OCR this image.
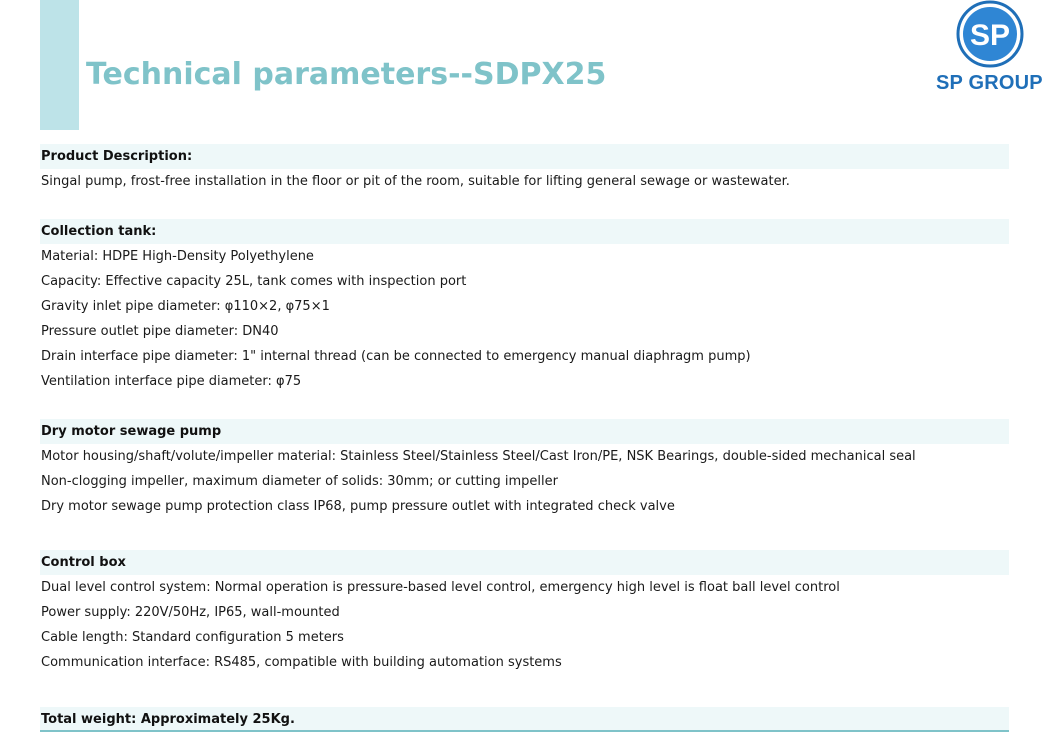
Technical parameters--SDPX25
SP
SP GROUP
Product Description:
Singal pump, frost-free installation in the floor or pit of the room, suitable for lifting general sewage or wastewater.
Collection tank:
Material: HDPE High-Density Polyethylene
Capacity: Effective capacity 25L, tank comes with inspection port
Gravity inlet pipe diameter: φ110×2, φ75×1
Pressure outlet pipe diameter: DN40
Drain interface pipe diameter: 1" internal thread (can be connected to emergency manual diaphragm pump)
Ventilation interface pipe diameter: φ75
Dry motor sewage pump
Motor housing/shaft/volute/impeller material: Stainless Steel/Stainless Steel/Cast Iron/PE, NSK Bearings, double-sided mechanical seal
Non-clogging impeller, maximum diameter of solids: 30mm; or cutting impeller
Dry motor sewage pump protection class IP68, pump pressure outlet with integrated check valve
Control box
Dual level control system: Normal operation is pressure-based level control, emergency high level is float ball level control
Power supply: 220V/50Hz, IP65, wall-mounted
Cable length: Standard configuration 5 meters
Communication interface: RS485, compatible with building automation systems
Total weight: Approximately 25Kg.
